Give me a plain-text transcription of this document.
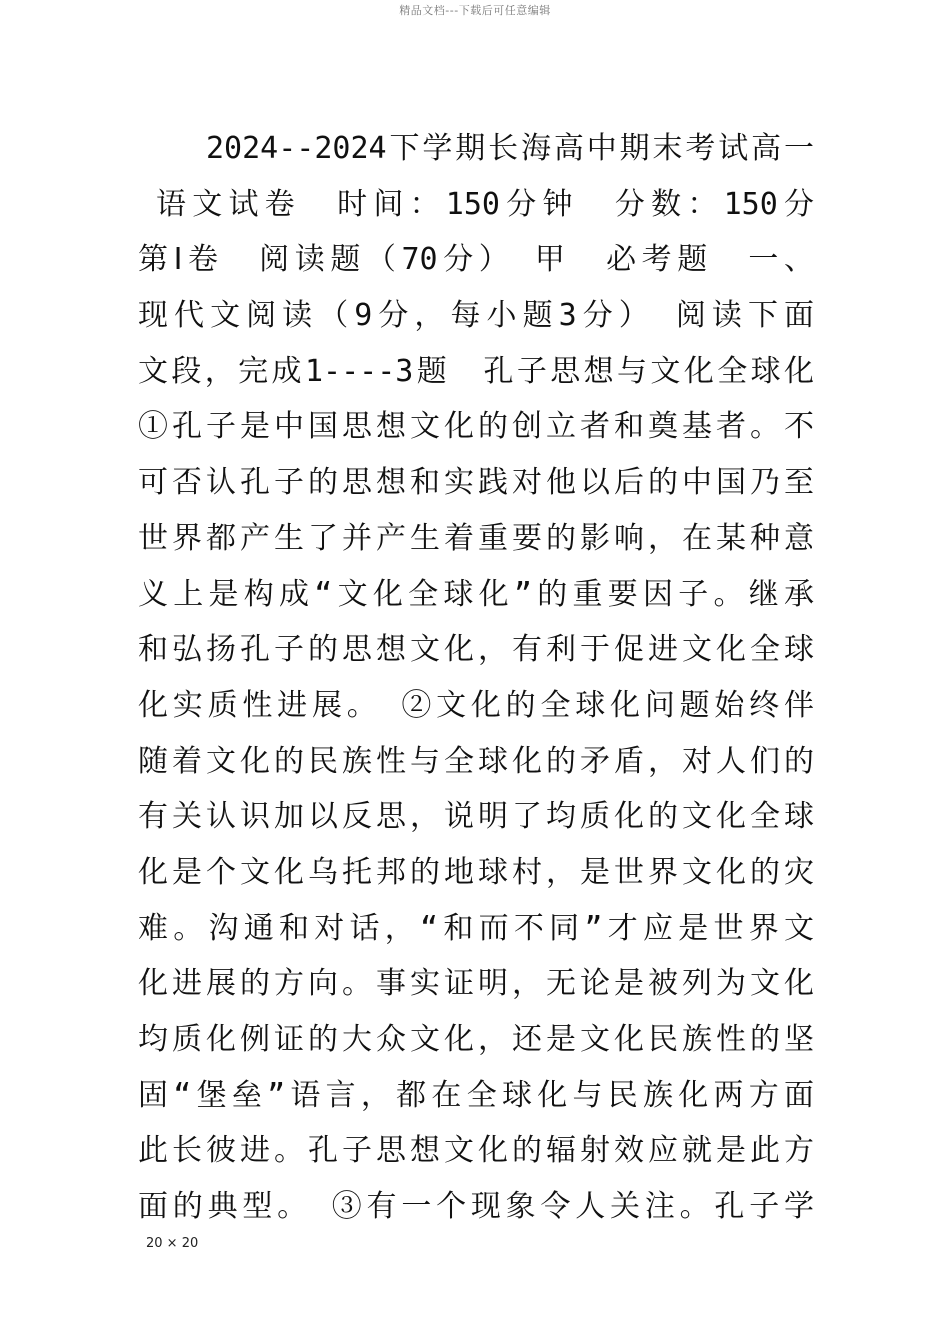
精品文档---下载后可任意编辑
2024--2024下学期长海高中期末考试高一
语文试卷　时间：150分钟　分数：150分
第Ⅰ卷　阅读题（70分）　甲　必考题　一、
现代文阅读（9分，每小题3分）　阅读下面
文段，完成1----3题　孔子思想与文化全球化
①孔子是中国思想文化的创立者和奠基者。不
可否认孔子的思想和实践对他以后的中国乃至
世界都产生了并产生着重要的影响，在某种意
义上是构成“文化全球化”的重要因子。继承
和弘扬孔子的思想文化，有利于促进文化全球
化实质性进展。　②文化的全球化问题始终伴
随着文化的民族性与全球化的矛盾，对人们的
有关认识加以反思，说明了均质化的文化全球
化是个文化乌托邦的地球村，是世界文化的灾
难。沟通和对话，“和而不同”才应是世界文
化进展的方向。事实证明，无论是被列为文化
均质化例证的大众文化，还是文化民族性的坚
固“堡垒”语言，都在全球化与民族化两方面
此长彼进。孔子思想文化的辐射效应就是此方
面的典型。　③有一个现象令人关注。孔子学
20 × 20
